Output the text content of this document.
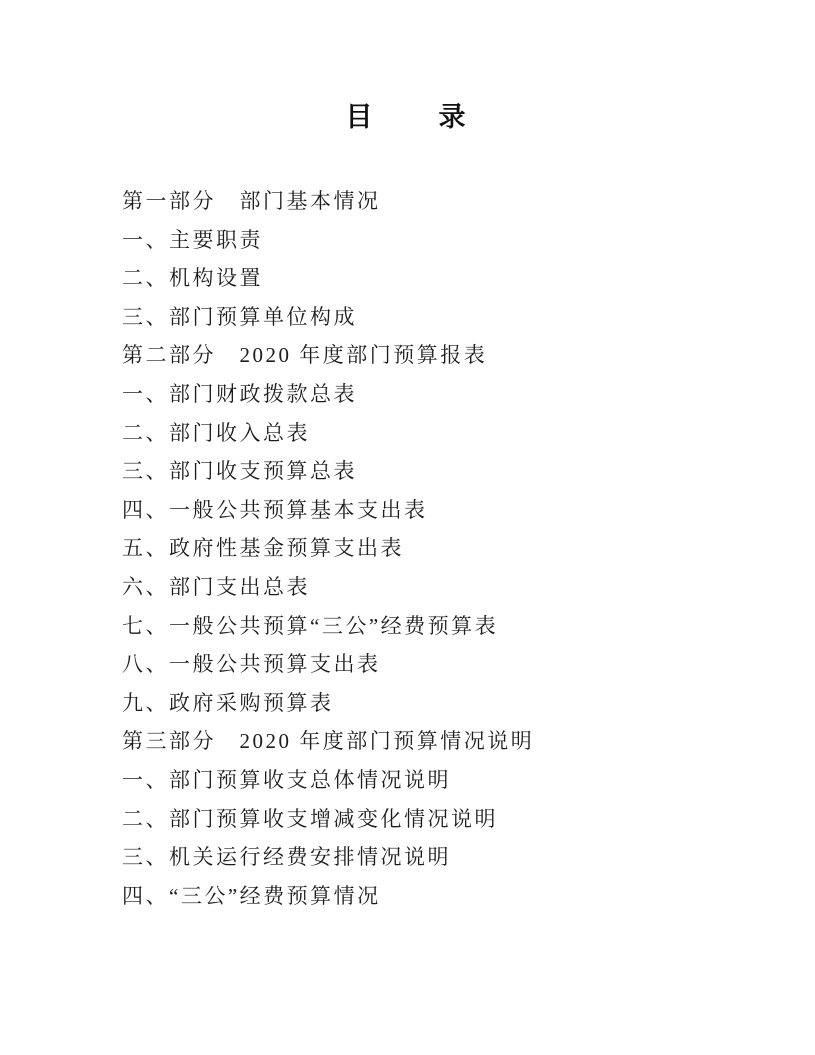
目　　录
第一部分　部门基本情况
一、主要职责
二、机构设置
三、部门预算单位构成
第二部分　2020 年度部门预算报表
一、部门财政拨款总表
二、部门收入总表
三、部门收支预算总表
四、一般公共预算基本支出表
五、政府性基金预算支出表
六、部门支出总表
七、一般公共预算“三公”经费预算表
八、一般公共预算支出表
九、政府采购预算表
第三部分　2020 年度部门预算情况说明
一、部门预算收支总体情况说明
二、部门预算收支增减变化情况说明
三、机关运行经费安排情况说明
四、“三公”经费预算情况
